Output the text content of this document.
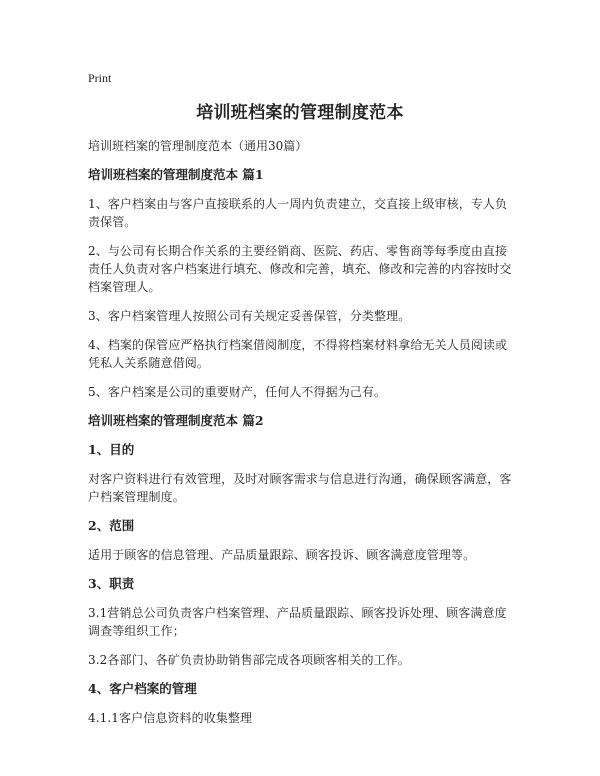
Print

培训班档案的管理制度范本

培训班档案的管理制度范本（通用30篇）

培训班档案的管理制度范本 篇1

1、客户档案由与客户直接联系的人一周内负责建立，交直接上级审核，专人负责保管。

2、与公司有长期合作关系的主要经销商、医院、药店、零售商等每季度由直接责任人负责对客户档案进行填充、修改和完善，填充、修改和完善的内容按时交档案管理人。

3、客户档案管理人按照公司有关规定妥善保管，分类整理。

4、档案的保管应严格执行档案借阅制度，不得将档案材料拿给无关人员阅读或凭私人关系随意借阅。

5、客户档案是公司的重要财产，任何人不得据为己有。

培训班档案的管理制度范本 篇2
1、目的

对客户资料进行有效管理，及时对顾客需求与信息进行沟通，确保顾客满意，客户档案管理制度。

2、范围

适用于顾客的信息管理、产品质量跟踪、顾客投诉、顾客满意度管理等。

3、职责

3.1营销总公司负责客户档案管理、产品质量跟踪、顾客投诉处理、顾客满意度调查等组织工作；

3.2各部门、各矿负责协助销售部完成各项顾客相关的工作。

4、客户档案的管理

4.1.1客户信息资料的收集整理
